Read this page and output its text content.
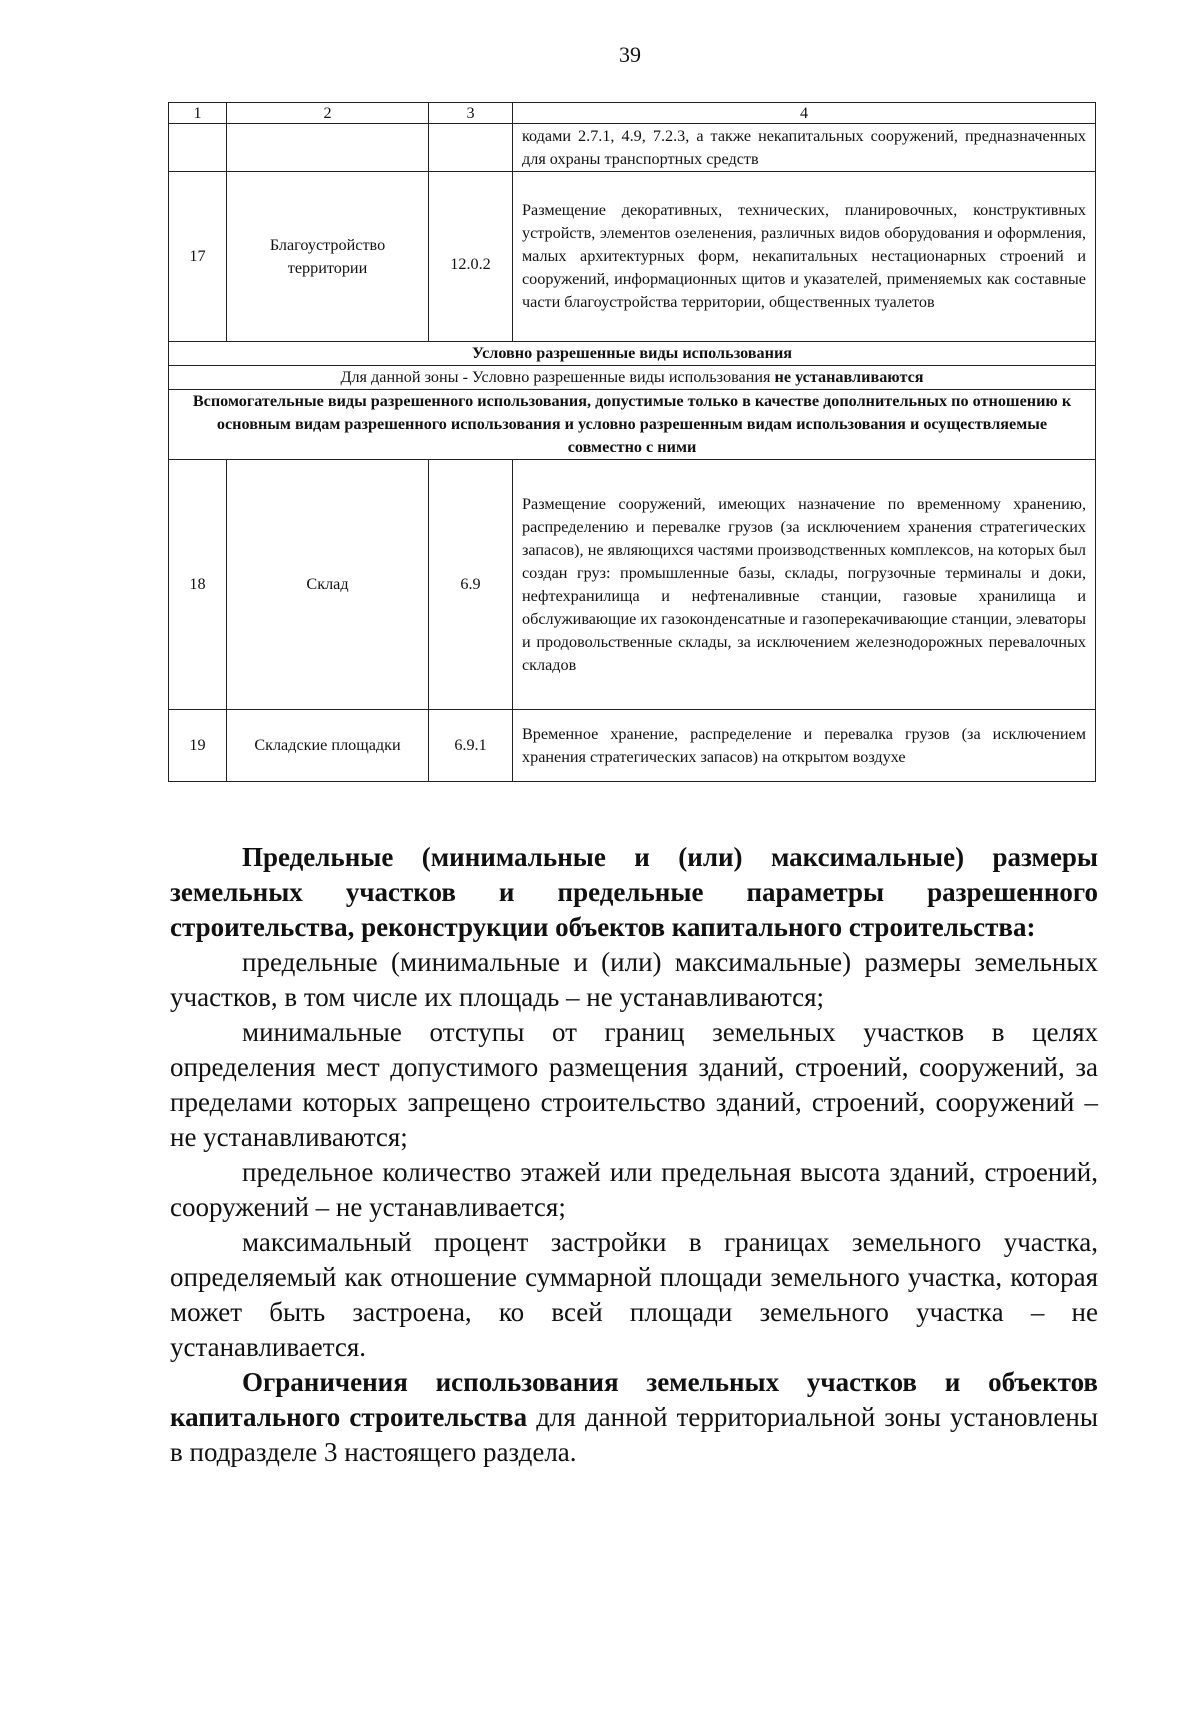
39
1	2	3	4
			кодами 2.7.1, 4.9, 7.2.3, а также некапитальных сооружений, предназначенных для охраны транспортных средств
17	Благоустройство территории	12.0.2	Размещение декоративных, технических, планировочных, конструктивных устройств, элементов озеленения, различных видов оборудования и оформления, малых архитектурных форм, некапитальных нестационарных строений и сооружений, информационных щитов и указателей, применяемых как составные части благоустройства территории, общественных туалетов
Условно разрешенные виды использования			
Для данной зоны - Условно разрешенные виды использования не устанавливаются			
Вспомогательные виды разрешенного использования, допустимые только в качестве дополнительных по отношению к основным видам разрешенного использования и условно разрешенным видам использования и осуществляемые совместно с ними			
18	Склад	6.9	Размещение сооружений, имеющих назначение по временному хранению, распределению и перевалке грузов (за исключением хранения стратегических запасов), не являющихся частями производственных комплексов, на которых был создан груз: промышленные базы, склады, погрузочные терминалы и доки, нефтехранилища и нефтеналивные станции, газовые хранилища и обслуживающие их газоконденсатные и газоперекачивающие станции, элеваторы и продовольственные склады, за исключением железнодорожных перевалочных складов
19	Складские площадки	6.9.1	Временное хранение, распределение и перевалка грузов (за исключением хранения стратегических запасов) на открытом воздухе

Предельные (минимальные и (или) максимальные) размеры земельных участков и предельные параметры разрешенного строительства, реконструкции объектов капитального строительства:

предельные (минимальные и (или) максимальные) размеры земельных участков, в том числе их площадь – не устанавливаются;

минимальные отступы от границ земельных участков в целях определения мест допустимого размещения зданий, строений, сооружений, за пределами которых запрещено строительство зданий, строений, сооружений – не устанавливаются;

предельное количество этажей или предельная высота зданий, строений, сооружений – не устанавливается;

максимальный процент застройки в границах земельного участка, определяемый как отношение суммарной площади земельного участка, которая может быть застроена, ко всей площади земельного участка – не устанавливается.

Ограничения использования земельных участков и объектов капитального строительства для данной территориальной зоны установлены в подразделе 3 настоящего раздела.
